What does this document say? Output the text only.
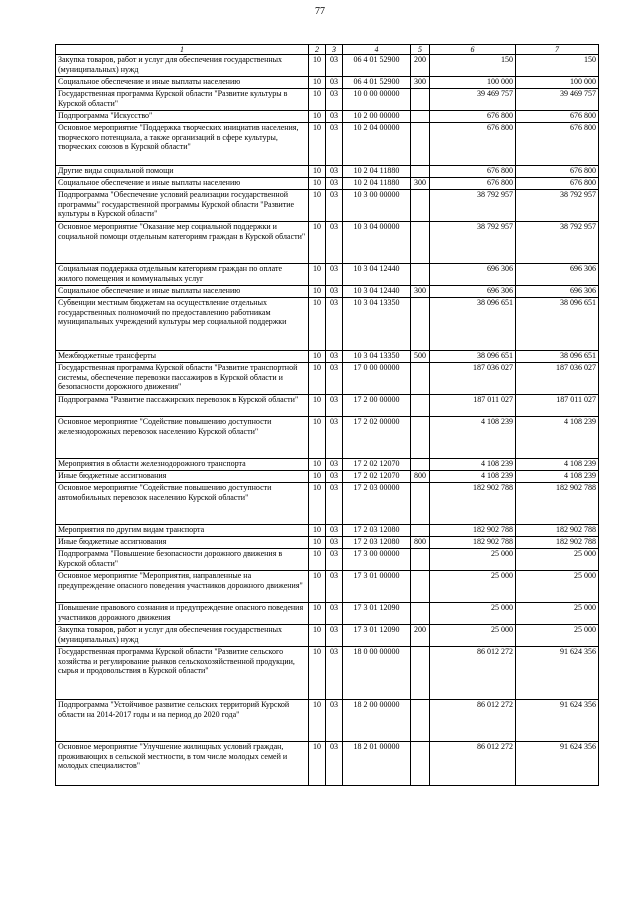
77
1	2	3	4	5	6	7
Закупка товаров, работ и услуг для обеспечения государственных (муниципальных) нужд	10	03	06 4 01 52900	200	150	150
Социальное обеспечение и иные выплаты населению	10	03	06 4 01 52900	300	100 000	100 000
Государственная программа Курской области "Развитие культуры в Курской области"	10	03	10 0 00 00000		39 469 757	39 469 757
Подпрограмма "Искусство"	10	03	10 2 00 00000		676 800	676 800
Основное мероприятие "Поддержка творческих инициатив населения, творческого потенциала, а также организаций в сфере культуры, творческих союзов в Курской области"	10	03	10 2 04 00000		676 800	676 800
Другие виды социальной помощи	10	03	10 2 04 11880		676 800	676 800
Социальное обеспечение и иные выплаты населению	10	03	10 2 04 11880	300	676 800	676 800
Подпрограмма "Обеспечение условий реализации государственной программы" государственной программы Курской области "Развитие культуры в Курской области"	10	03	10 3 00 00000		38 792 957	38 792 957
Основное мероприятие "Оказание мер социальной поддержки и социальной помощи отдельным категориям граждан в Курской области"	10	03	10 3 04 00000		38 792 957	38 792 957
Социальная поддержка отдельным категориям граждан по оплате жилого помещения и коммунальных услуг	10	03	10 3 04 12440		696 306	696 306
Социальное обеспечение и иные выплаты населению	10	03	10 3 04 12440	300	696 306	696 306
Субвенции местным бюджетам на осуществление отдельных государственных полномочий по предоставлению работникам муниципальных учреждений культуры мер социальной поддержки	10	03	10 3 04 13350		38 096 651	38 096 651
Межбюджетные трансферты	10	03	10 3 04 13350	500	38 096 651	38 096 651
Государственная программа Курской области "Развитие транспортной системы, обеспечение перевозки пассажиров в Курской области и безопасности дорожного движения"	10	03	17 0 00 00000		187 036 027	187 036 027
Подпрограмма "Развитие пассажирских перевозок в Курской области"	10	03	17 2 00 00000		187 011 027	187 011 027
Основное мероприятие "Содействие повышению доступности железнодорожных перевозок населению Курской области"	10	03	17 2 02 00000		4 108 239	4 108 239
Мероприятия в области железнодорожного транспорта	10	03	17 2 02 12070		4 108 239	4 108 239
Иные бюджетные ассигнования	10	03	17 2 02 12070	800	4 108 239	4 108 239
Основное мероприятие "Содействие повышению доступности автомобильных перевозок населению Курской области"	10	03	17 2 03 00000		182 902 788	182 902 788
Мероприятия по другим видам транспорта	10	03	17 2 03 12080		182 902 788	182 902 788
Иные бюджетные ассигнования	10	03	17 2 03 12080	800	182 902 788	182 902 788
Подпрограмма "Повышение безопасности дорожного движения в Курской области"	10	03	17 3 00 00000		25 000	25 000
Основное мероприятие "Мероприятия, направленные на предупреждение опасного поведения участников дорожного движения"	10	03	17 3 01 00000		25 000	25 000
Повышение правового сознания и предупреждение опасного поведения участников дорожного движения	10	03	17 3 01 12090		25 000	25 000
Закупка товаров, работ и услуг для обеспечения государственных (муниципальных) нужд	10	03	17 3 01 12090	200	25 000	25 000
Государственная программа Курской области "Развитие сельского хозяйства и регулирование рынков сельскохозяйственной продукции, сырья и продовольствия в Курской области"	10	03	18 0 00 00000		86 012 272	91 624 356
Подпрограмма "Устойчивое развитие сельских территорий Курской области на 2014-2017 годы и на период до 2020 года"	10	03	18 2 00 00000		86 012 272	91 624 356
Основное мероприятие "Улучшение жилищных условий граждан, проживающих в сельской местности, в том числе молодых семей и молодых специалистов"	10	03	18 2 01 00000		86 012 272	91 624 356
